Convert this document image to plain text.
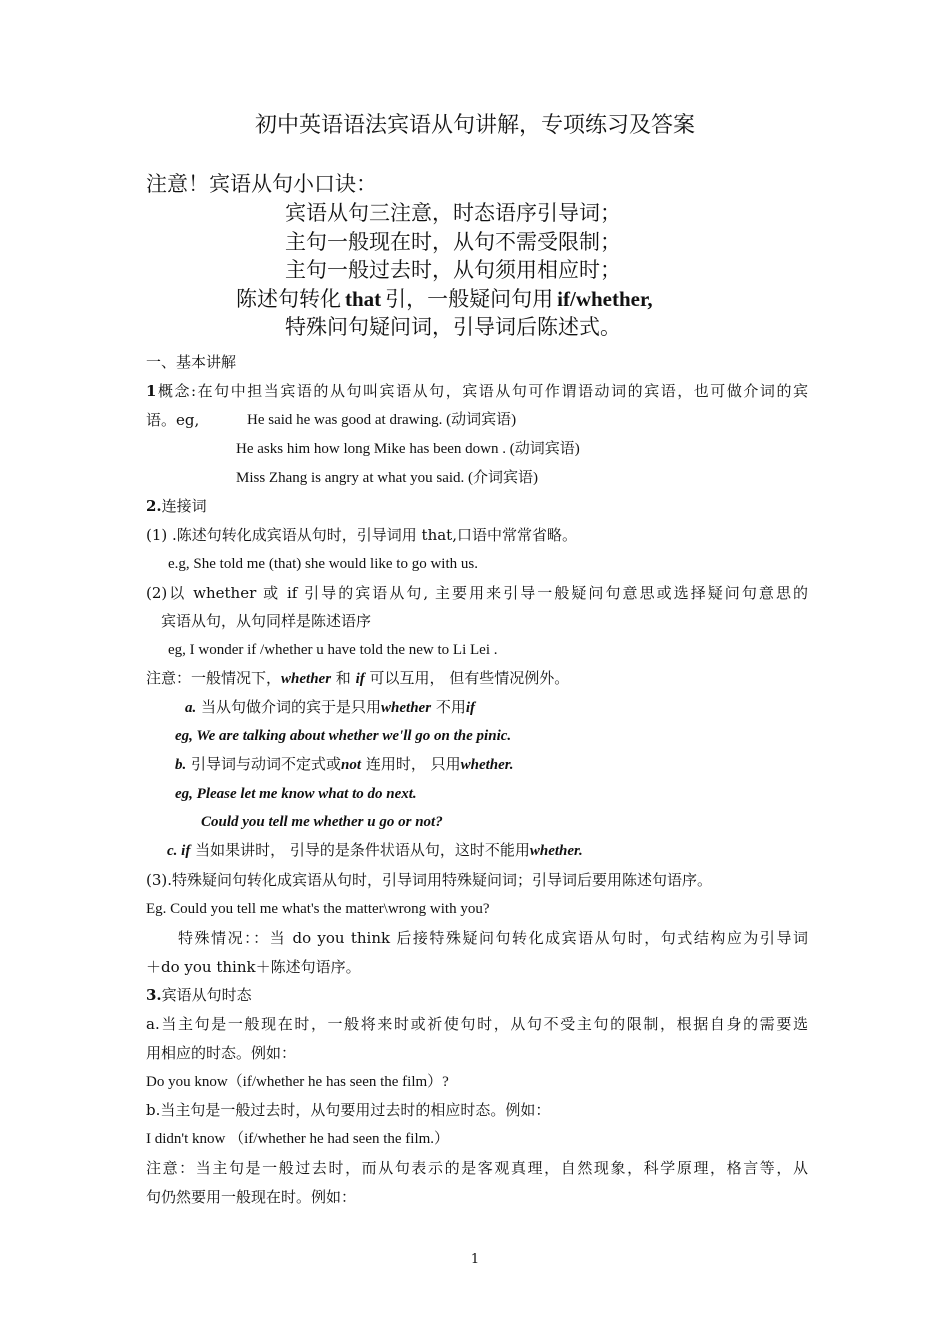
初中英语语法宾语从句讲解，专项练习及答案
注意！宾语从句小口诀：
宾语从句三注意，时态语序引导词；
主句一般现在时，从句不需受限制；
主句一般过去时，从句须用相应时；
陈述句转化 that 引，一般疑问句用 if/whether,
特殊问句疑问词，引导词后陈述式。
一、基本讲解
1概念:在句中担当宾语的从句叫宾语从句，宾语从句可作谓语动词的宾语，也可做介词的宾
语。eg,	He said he was good at drawing. (动词宾语)
He asks him how long Mike has been down . (动词宾语)
Miss Zhang is angry at what you said. (介词宾语)
2.连接词
(1) .陈述句转化成宾语从句时，引导词用 that,口语中常常省略。
e.g, She told me (that) she would like to go with us.
(2)以 whether 或 if 引导的宾语从句, 主要用来引导一般疑问句意思或选择疑问句意思的
宾语从句，从句同样是陈述语序
eg, I wonder if /whether u have told the new to Li Lei .
注意：一般情况下，whether 和 if 可以互用， 但有些情况例外。
a. 当从句做介词的宾于是只用whether 不用if
eg, We are talking about whether we'll go on the pinic.
b. 引导词与动词不定式或not 连用时， 只用whether.
eg, Please let me know what to do next.
Could you tell me whether u go or not?
c. if 当如果讲时， 引导的是条件状语从句，这时不能用whether.
(3).特殊疑问句转化成宾语从句时，引导词用特殊疑问词；引导词后要用陈述句语序。
Eg. Could you tell me what's the matter\wrong with you?
特殊情况：：当 do you think 后接特殊疑问句转化成宾语从句时，句式结构应为引导词
＋do you think＋陈述句语序。
3.宾语从句时态
a.当主句是一般现在时，一般将来时或祈使句时，从句不受主句的限制，根据自身的需要选
用相应的时态。例如：
Do you know（if/whether he has seen the film）?
b.当主句是一般过去时，从句要用过去时的相应时态。例如：
I didn't know （if/whether he had seen the film.）
注意：当主句是一般过去时，而从句表示的是客观真理，自然现象，科学原理，格言等，从
句仍然要用一般现在时。例如：
1
